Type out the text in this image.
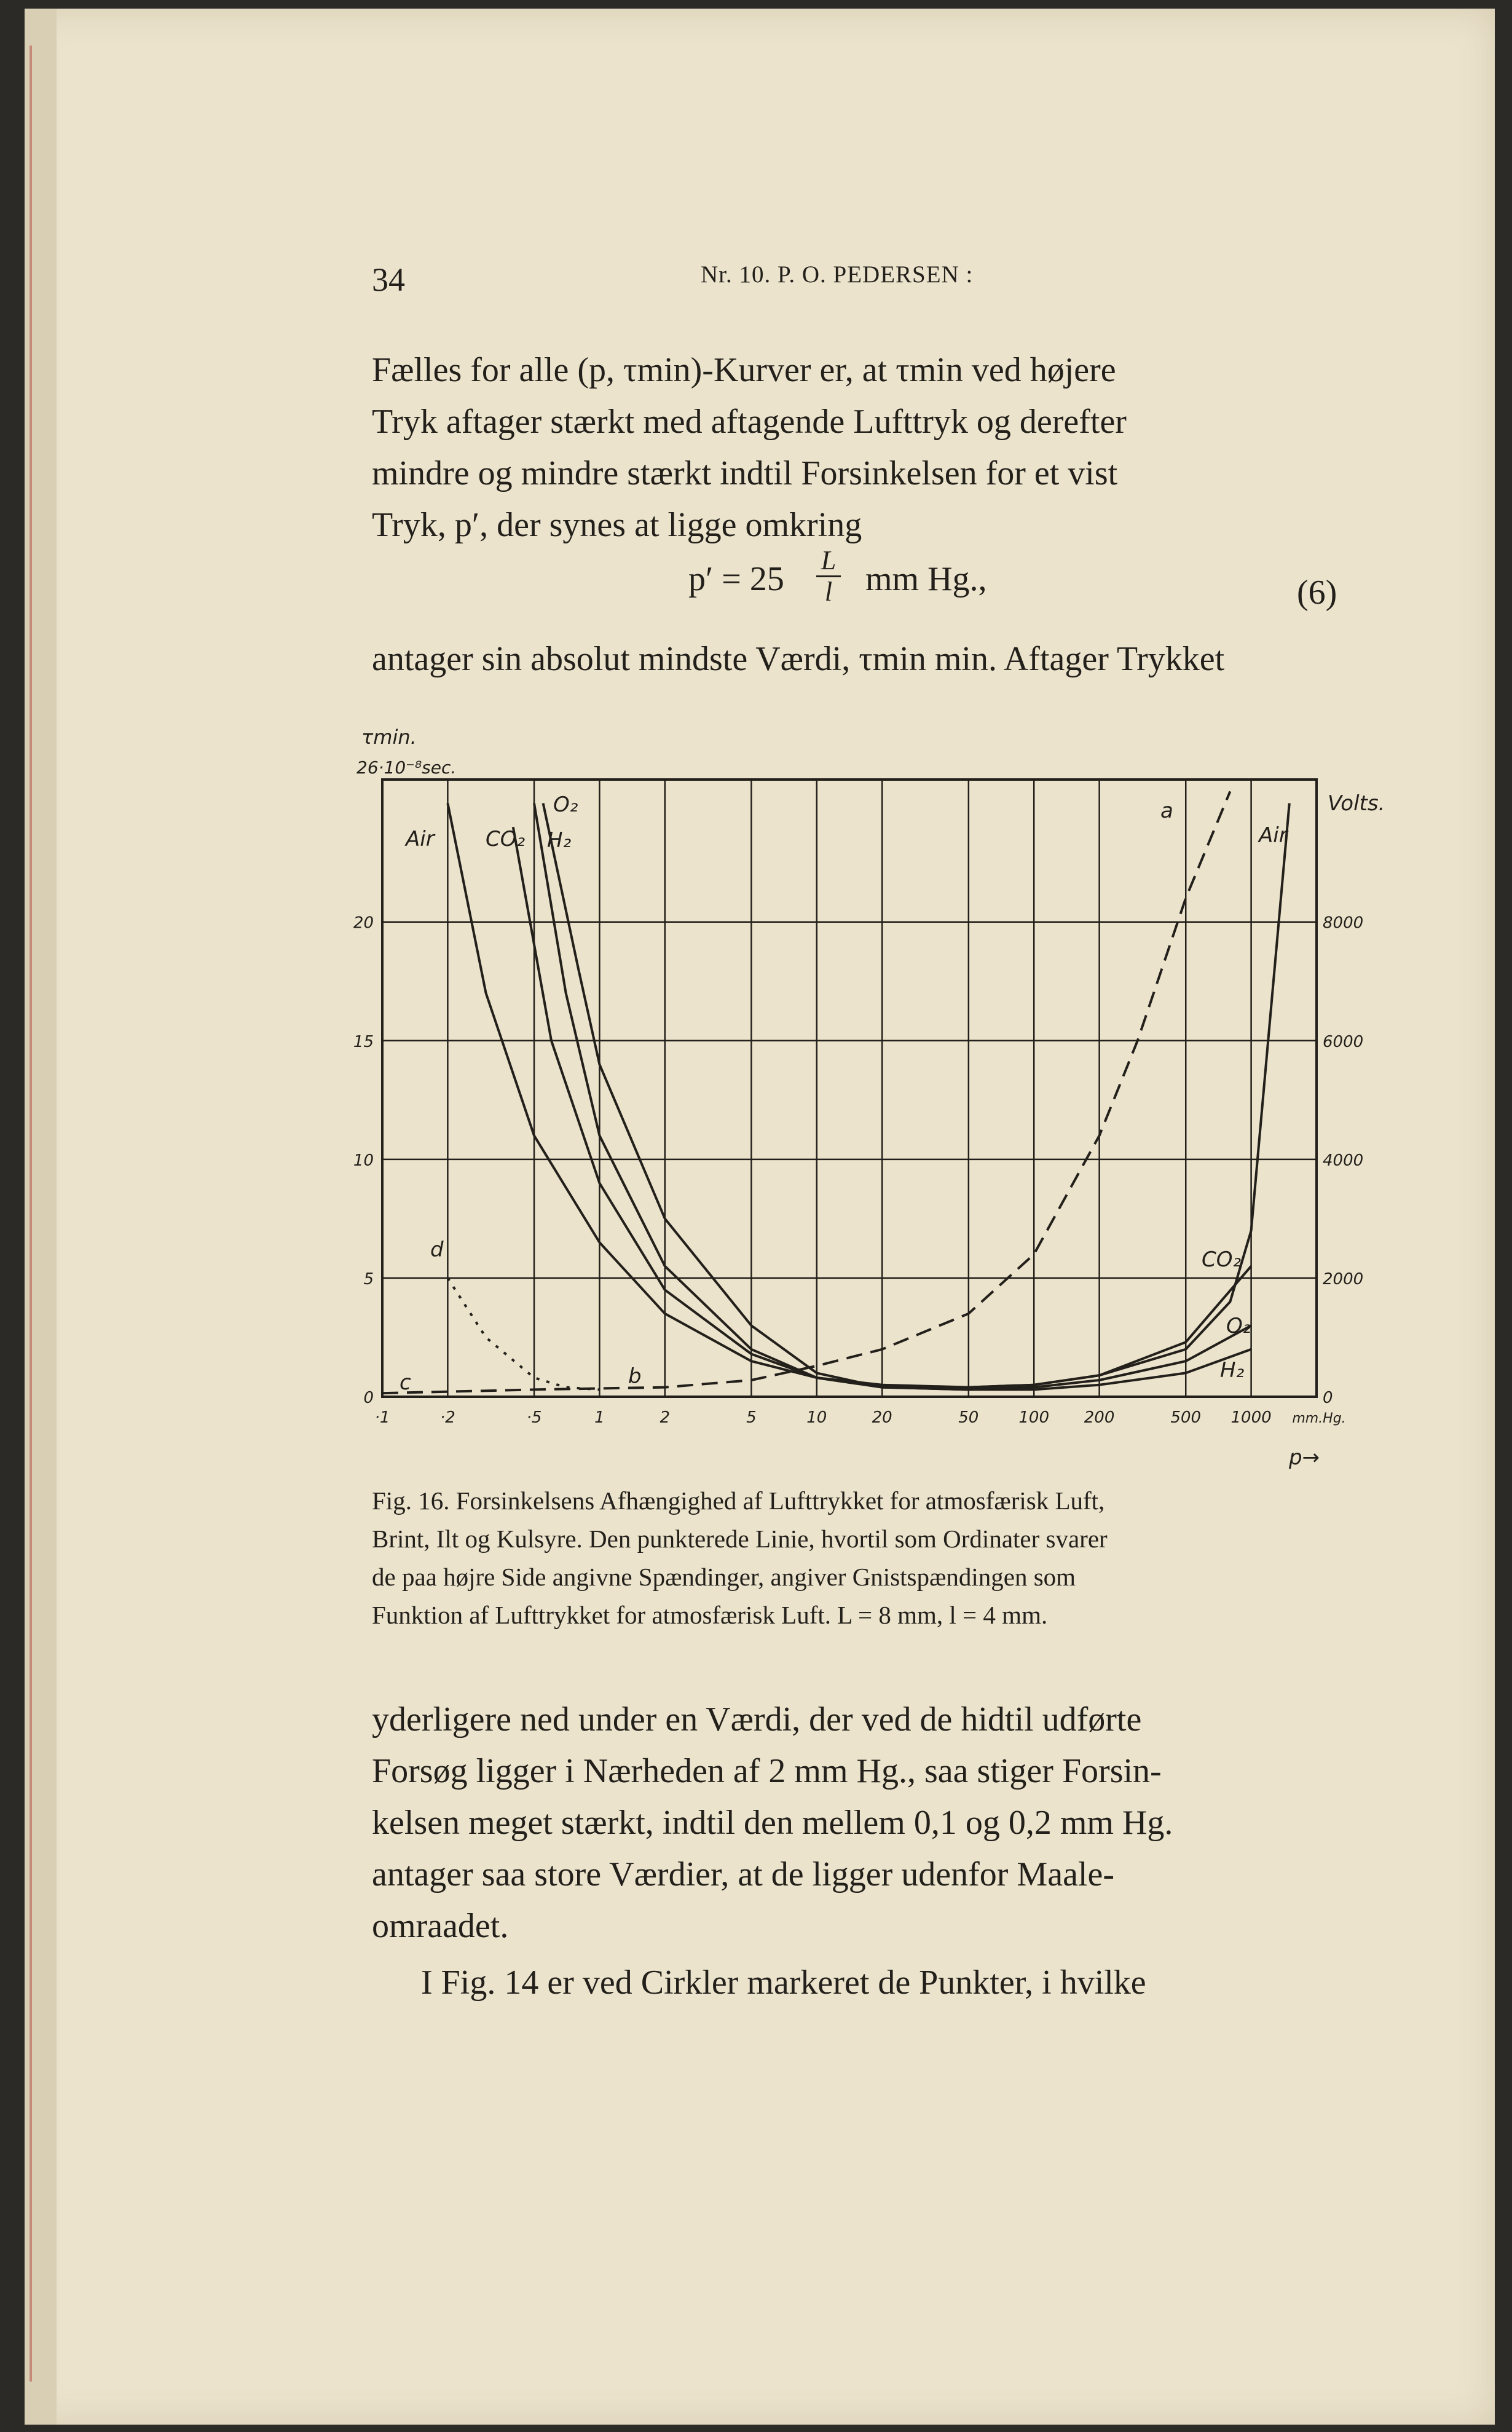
34	Nr. 10. P. O. PEDERSEN :
Fælles for alle (p, τmin)-Kurver er, at τmin ved højere
Tryk aftager stærkt med aftagende Lufttryk og derefter
mindre og mindre stærkt indtil Forsinkelsen for et vist
Tryk, p′, der synes at ligge omkring
$p' = 25 \frac{L}{l}$ mm Hg.,	(6)
antager sin absolut mindste Værdi, τmin min. Aftager Trykket
·1	·2	·5	1	2	5	10	20	50	100 200	500 1000 mm.Hg.
p→
0
5
10
15
20
τmin.
26·10⁻⁸sec.
0
2000
4000
6000
8000
Volts.
Air CO₂
O₂
H₂	Air
CO₂
O₂
H₂
a
b
c
d
Fig. 16. Forsinkelsens Afhængighed af Lufttrykket for atmosfærisk Luft,
Brint, Ilt og Kulsyre. Den punkterede Linie, hvortil som Ordinater svarer
de paa højre Side angivne Spændinger, angiver Gnistspændingen som
Funktion af Lufttrykket for atmosfærisk Luft. L = 8 mm, l = 4 mm.
yderligere ned under en Værdi, der ved de hidtil udførte
Forsøg ligger i Nærheden af 2 mm Hg., saa stiger Forsin-
kelsen meget stærkt, indtil den mellem 0,1 og 0,2 mm Hg.
antager saa store Værdier, at de ligger udenfor Maale-
omraadet.
I Fig. 14 er ved Cirkler markeret de Punkter, i hvilke
